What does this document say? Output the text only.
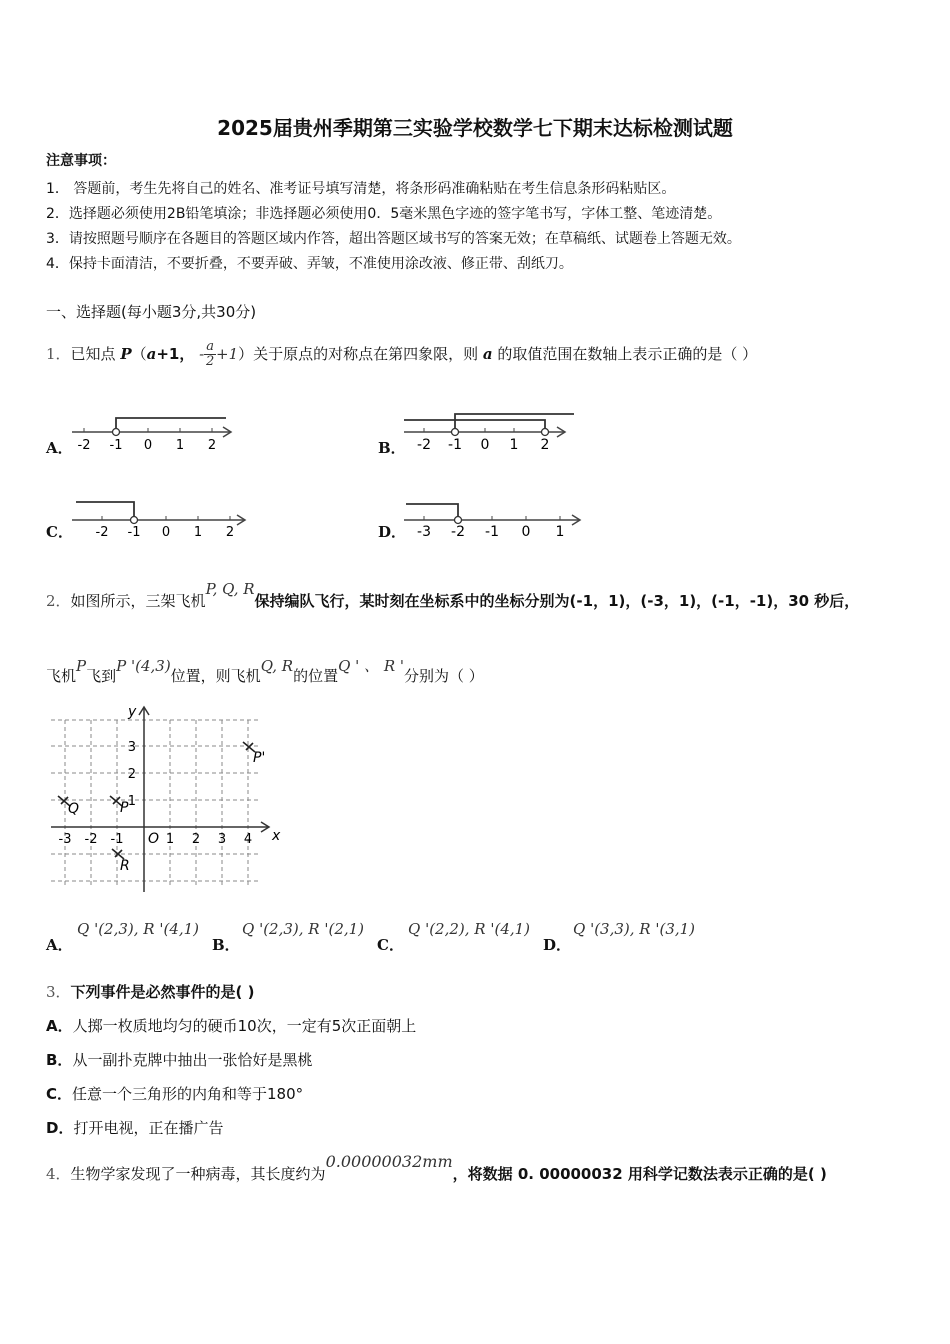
2025届贵州季期第三实验学校数学七下期末达标检测试题
注意事项：
1． 答题前，考生先将自己的姓名、准考证号填写清楚，将条形码准确粘贴在考生信息条形码粘贴区。
2．选择题必须使用2B铅笔填涂；非选择题必须使用0．5毫米黑色字迹的签字笔书写，字体工整、笔迹清楚。
3．请按照题号顺序在各题目的答题区域内作答，超出答题区域书写的答案无效；在草稿纸、试题卷上答题无效。
4．保持卡面清洁，不要折叠，不要弄破、弄皱，不准使用涂改液、修正带、刮纸刀。
一、选择题(每小题3分,共30分)
1．已知点 P（a+1， - $\frac{a}{2} +1$）关于原点的对称点在第四象限，则 a 的取值范围在数轴上表示正确的是（ ）
A． -2 -1 0 1 2	B． -2 -1 0 1 2
C． -2 -1 0 1 2	D． -3 -2 -1 0 1
2．如图所示，三架飞机P, Q, R保持编队飞行，某时刻在坐标系中的坐标分别为(-1，1)，(-3，1)，(-1，-1)，30 秒后，
飞机P飞到P '(4,3)位置，则飞机Q, R的位置Q ' 、 R '分别为（ ）
x
y
O
-3 -2 -1	1 2 3 4
3
2
1
Q	P
R
P'
A．
Q '(2,3), R '(4,1)
B．
Q '(2,3), R '(2,1)
C．
Q '(2,2), R '(4,1)
D．
Q '(3,3), R '(3,1)
3．下列事件是必然事件的是( )
A．人掷一枚质地均匀的硬币10次，一定有5次正面朝上
B．从一副扑克牌中抽出一张恰好是黑桃
C．任意一个三角形的内角和等于180°
D．打开电视，正在播广告
4．生物学家发现了一种病毒，其长度约为0.00000032mm，将数据 0. 00000032 用科学记数法表示正确的是( )
